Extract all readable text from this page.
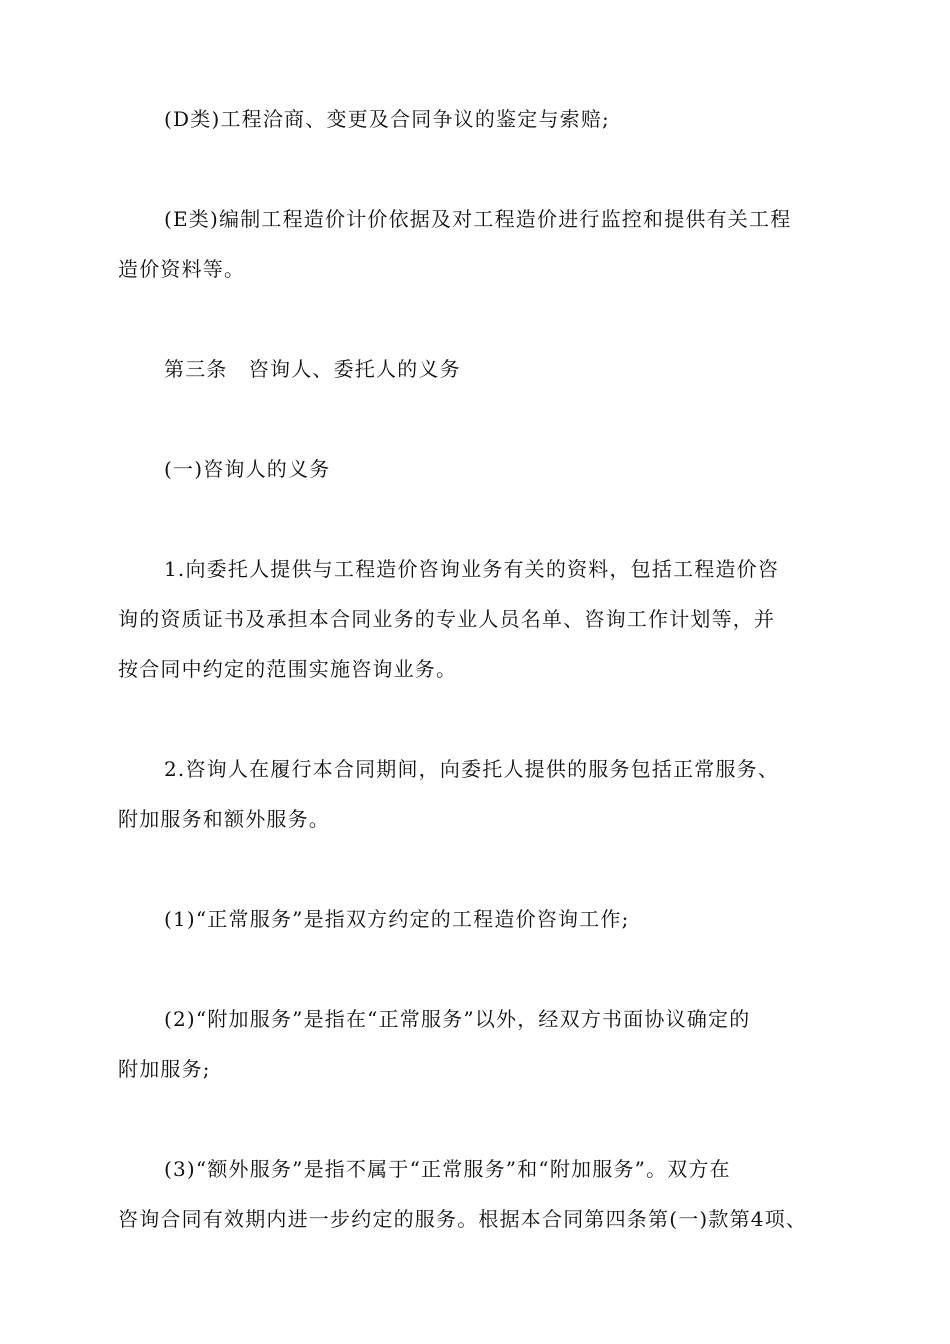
(D类)工程洽商、变更及合同争议的鉴定与索赔;

(E类)编制工程造价计价依据及对工程造价进行监控和提供有关工程
造价资料等。

第三条　咨询人、委托人的义务

(一)咨询人的义务

1.向委托人提供与工程造价咨询业务有关的资料，包括工程造价咨
询的资质证书及承担本合同业务的专业人员名单、咨询工作计划等，并
按合同中约定的范围实施咨询业务。

2.咨询人在履行本合同期间，向委托人提供的服务包括正常服务、
附加服务和额外服务。

(1)“正常服务”是指双方约定的工程造价咨询工作;

(2)“附加服务”是指在“正常服务”以外，经双方书面协议确定的
附加服务;

(3)“额外服务”是指不属于“正常服务”和“附加服务”。双方在
咨询合同有效期内进一步约定的服务。根据本合同第四条第(一)款第4项、
